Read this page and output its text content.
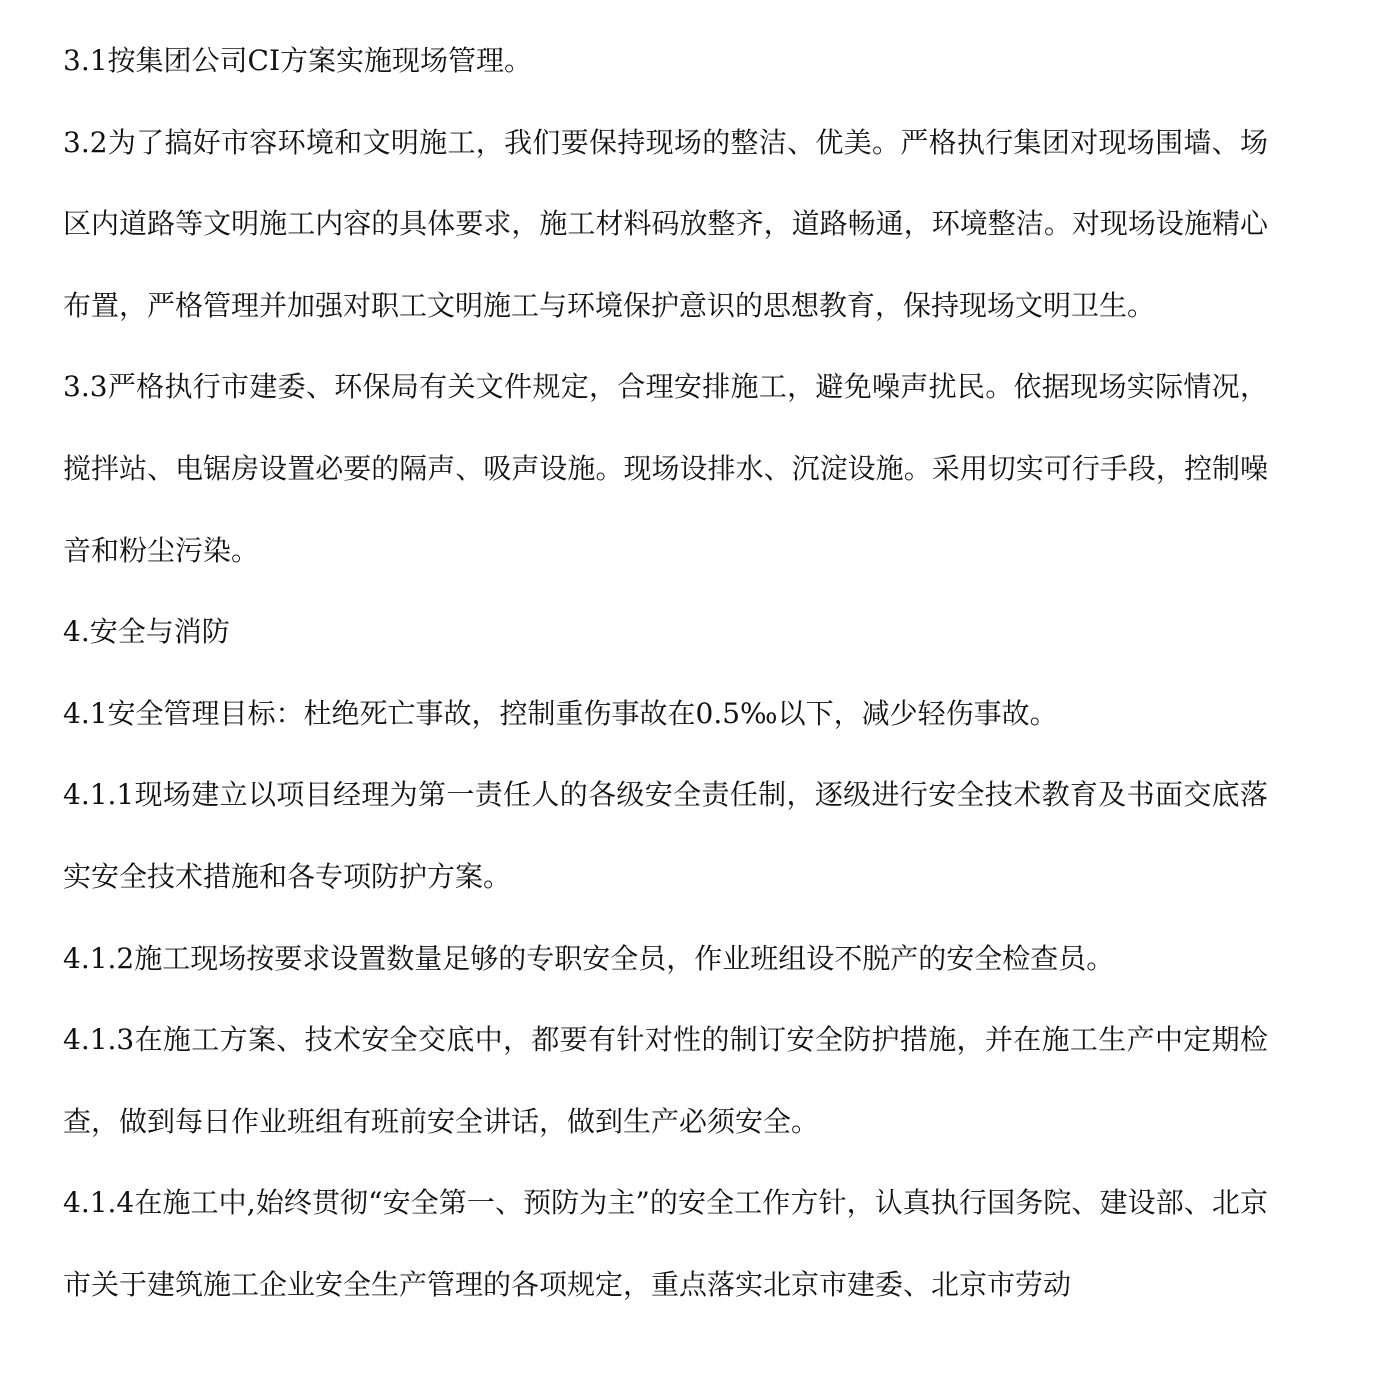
3.1按集团公司CI方案实施现场管理。

3.2为了搞好市容环境和文明施工，我们要保持现场的整洁、优美。严格执行集团对现场围墙、场区内道路等文明施工内容的具体要求，施工材料码放整齐，道路畅通，环境整洁。对现场设施精心布置，严格管理并加强对职工文明施工与环境保护意识的思想教育，保持现场文明卫生。

3.3严格执行市建委、环保局有关文件规定，合理安排施工，避免噪声扰民。依据现场实际情况，搅拌站、电锯房设置必要的隔声、吸声设施。现场设排水、沉淀设施。采用切实可行手段，控制噪音和粉尘污染。

4.安全与消防

4.1安全管理目标：杜绝死亡事故，控制重伤事故在0.5‰以下，减少轻伤事故。

4.1.1现场建立以项目经理为第一责任人的各级安全责任制，逐级进行安全技术教育及书面交底落实安全技术措施和各专项防护方案。

4.1.2施工现场按要求设置数量足够的专职安全员，作业班组设不脱产的安全检查员。

4.1.3在施工方案、技术安全交底中，都要有针对性的制订安全防护措施，并在施工生产中定期检查，做到每日作业班组有班前安全讲话，做到生产必须安全。

4.1.4在施工中,始终贯彻“安全第一、预防为主”的安全工作方针，认真执行国务院、建设部、北京市关于建筑施工企业安全生产管理的各项规定，重点落实北京市建委、北京市劳动
